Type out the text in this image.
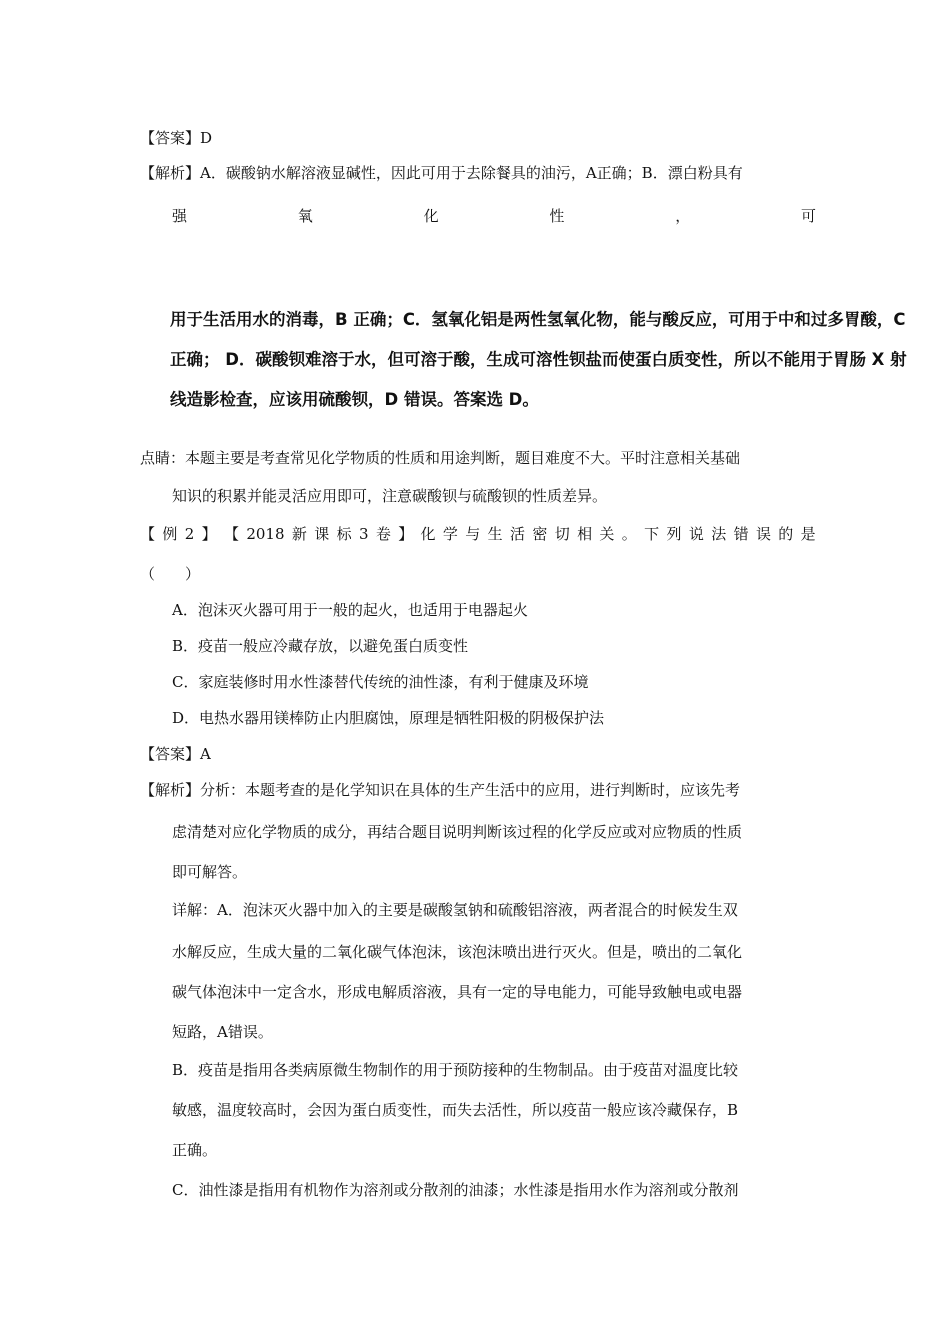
【答案】D
【解析】A．碳酸钠水解溶液显碱性，因此可用于去除餐具的油污，A正确；B．漂白粉具有
强	氧	化	性	，	可
用于生活用水的消毒，B 正确；C．氢氧化铝是两性氢氧化物，能与酸反应，可用于中和过多胃酸，C
正确； D．碳酸钡难溶于水，但可溶于酸，生成可溶性钡盐而使蛋白质变性，所以不能用于胃肠 X 射
线造影检查，应该用硫酸钡，D 错误。答案选 D。
点睛：本题主要是考查常见化学物质的性质和用途判断，题目难度不大。平时注意相关基础
知识的积累并能灵活应用即可，注意碳酸钡与硫酸钡的性质差异。
【 例 2 】 【 2018 新 课 标 3 卷 】 化 学 与 生 活 密 切 相 关 。 下 列 说 法 错 误 的 是
（　　）
A．泡沫灭火器可用于一般的起火，也适用于电器起火
B．疫苗一般应冷藏存放，以避免蛋白质变性
C．家庭装修时用水性漆替代传统的油性漆，有利于健康及环境
D．电热水器用镁棒防止内胆腐蚀，原理是牺牲阳极的阴极保护法
【答案】A
【解析】分析：本题考查的是化学知识在具体的生产生活中的应用，进行判断时，应该先考
虑清楚对应化学物质的成分，再结合题目说明判断该过程的化学反应或对应物质的性质
即可解答。
详解：A．泡沫灭火器中加入的主要是碳酸氢钠和硫酸铝溶液，两者混合的时候发生双
水解反应，生成大量的二氧化碳气体泡沫，该泡沫喷出进行灭火。但是，喷出的二氧化
碳气体泡沫中一定含水，形成电解质溶液，具有一定的导电能力，可能导致触电或电器
短路，A错误。
B．疫苗是指用各类病原微生物制作的用于预防接种的生物制品。由于疫苗对温度比较
敏感，温度较高时，会因为蛋白质变性，而失去活性，所以疫苗一般应该冷藏保存，B
正确。
C．油性漆是指用有机物作为溶剂或分散剂的油漆；水性漆是指用水作为溶剂或分散剂
